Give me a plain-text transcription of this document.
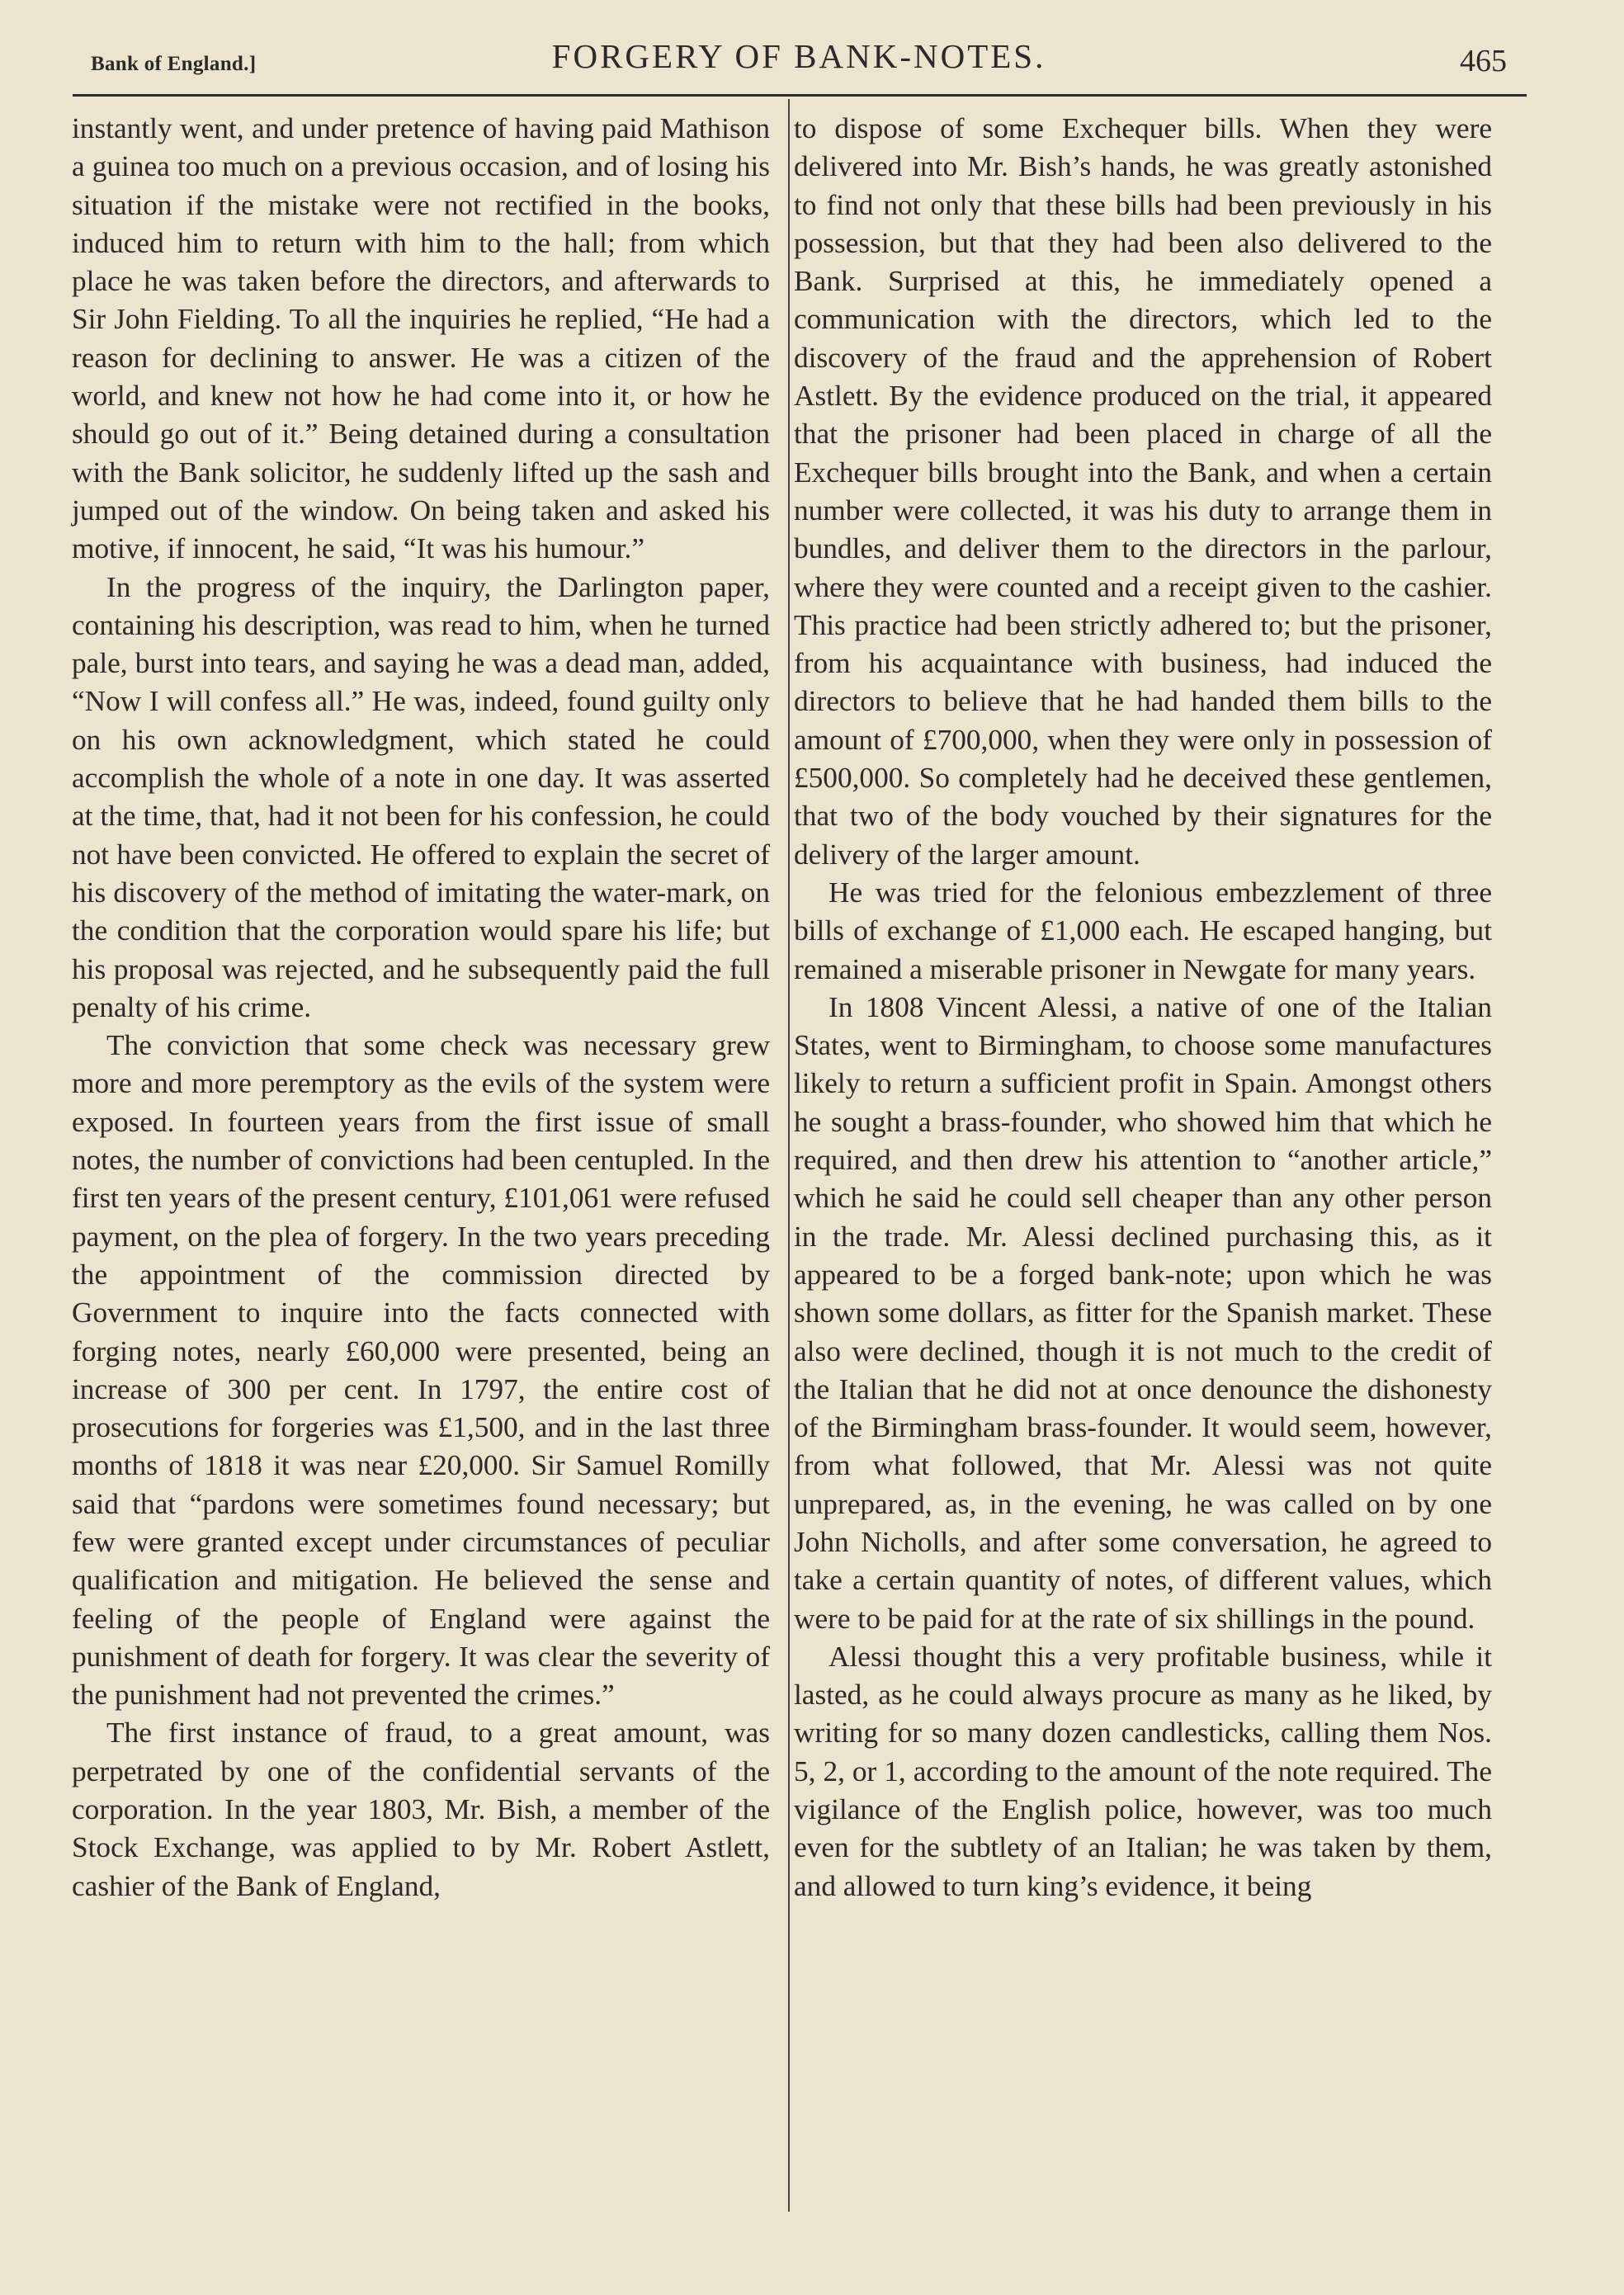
Bank of England.]	FORGERY OF BANK-NOTES.	465

instantly went, and under pretence of having paid Mathison a guinea too much on a previous occasion, and of losing his situation if the mistake were not rectified in the books, induced him to return with him to the hall; from which place he was taken before the directors, and afterwards to Sir John Fielding. To all the inquiries he replied, “He had a reason for declining to answer. He was a citizen of the world, and knew not how he had come into it, or how he should go out of it.” Being detained during a consultation with the Bank solicitor, he suddenly lifted up the sash and jumped out of the window. On being taken and asked his motive, if innocent, he said, “It was his humour.”

In the progress of the inquiry, the Darlington paper, containing his description, was read to him, when he turned pale, burst into tears, and saying he was a dead man, added, “Now I will confess all.” He was, indeed, found guilty only on his own acknowledgment, which stated he could accomplish the whole of a note in one day. It was asserted at the time, that, had it not been for his confession, he could not have been convicted. He offered to explain the secret of his discovery of the method of imitating the water-mark, on the condition that the corporation would spare his life; but his proposal was rejected, and he subsequently paid the full penalty of his crime.

The conviction that some check was necessary grew more and more peremptory as the evils of the system were exposed. In fourteen years from the first issue of small notes, the number of convictions had been centupled. In the first ten years of the present century, £101,061 were refused payment, on the plea of forgery. In the two years preceding the appointment of the commission directed by Government to inquire into the facts connected with forging notes, nearly £60,000 were presented, being an increase of 300 per cent. In 1797, the entire cost of prosecutions for forgeries was £1,500, and in the last three months of 1818 it was near £20,000. Sir Samuel Romilly said that “pardons were sometimes found necessary; but few were granted except under circumstances of peculiar qualification and mitigation. He believed the sense and feeling of the people of England were against the punishment of death for forgery. It was clear the severity of the punishment had not prevented the crimes.”

The first instance of fraud, to a great amount, was perpetrated by one of the confidential servants of the corporation. In the year 1803, Mr. Bish, a member of the Stock Exchange, was applied to by Mr. Robert Astlett, cashier of the Bank of England,

to dispose of some Exchequer bills. When they were delivered into Mr. Bish’s hands, he was greatly astonished to find not only that these bills had been previously in his possession, but that they had been also delivered to the Bank. Surprised at this, he immediately opened a communication with the directors, which led to the discovery of the fraud and the apprehension of Robert Astlett. By the evidence produced on the trial, it appeared that the prisoner had been placed in charge of all the Exchequer bills brought into the Bank, and when a certain number were collected, it was his duty to arrange them in bundles, and deliver them to the directors in the parlour, where they were counted and a receipt given to the cashier. This practice had been strictly adhered to; but the prisoner, from his acquaintance with business, had induced the directors to believe that he had handed them bills to the amount of £700,000, when they were only in possession of £500,000. So completely had he deceived these gentlemen, that two of the body vouched by their signatures for the delivery of the larger amount.

He was tried for the felonious embezzlement of three bills of exchange of £1,000 each. He escaped hanging, but remained a miserable prisoner in Newgate for many years.

In 1808 Vincent Alessi, a native of one of the Italian States, went to Birmingham, to choose some manufactures likely to return a sufficient profit in Spain. Amongst others he sought a brass-founder, who showed him that which he required, and then drew his attention to “another article,” which he said he could sell cheaper than any other person in the trade. Mr. Alessi declined purchasing this, as it appeared to be a forged bank-note; upon which he was shown some dollars, as fitter for the Spanish market. These also were declined, though it is not much to the credit of the Italian that he did not at once denounce the dishonesty of the Birmingham brass-founder. It would seem, however, from what followed, that Mr. Alessi was not quite unprepared, as, in the evening, he was called on by one John Nicholls, and after some conversation, he agreed to take a certain quantity of notes, of different values, which were to be paid for at the rate of six shillings in the pound.

Alessi thought this a very profitable business, while it lasted, as he could always procure as many as he liked, by writing for so many dozen candlesticks, calling them Nos. 5, 2, or 1, according to the amount of the note required. The vigilance of the English police, however, was too much even for the subtlety of an Italian; he was taken by them, and allowed to turn king’s evidence, it being
